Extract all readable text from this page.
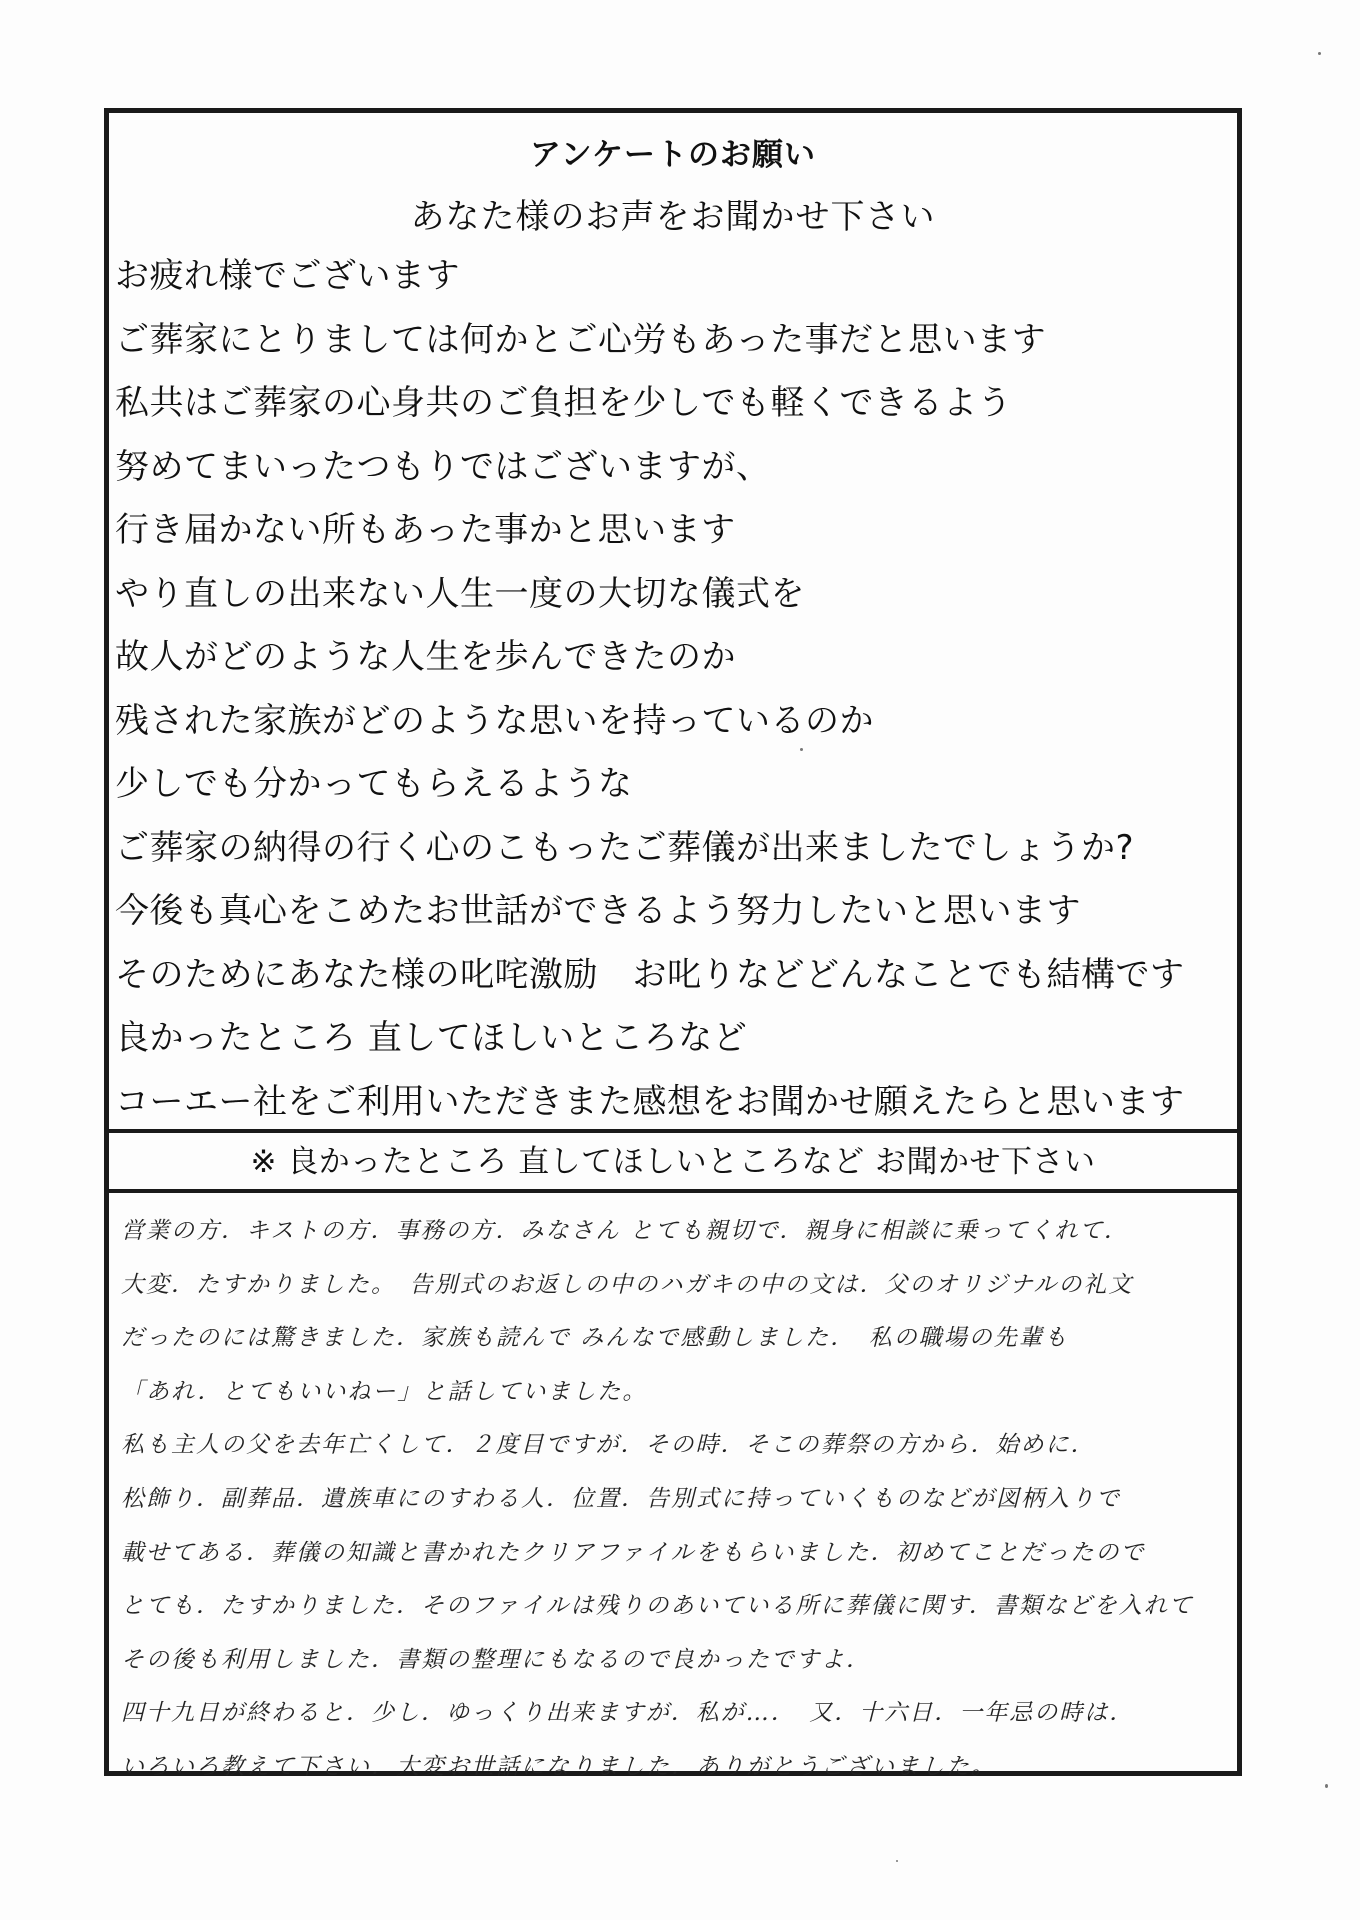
アンケートのお願い
あなた様のお声をお聞かせ下さい
お疲れ様でございます
ご葬家にとりましては何かとご心労もあった事だと思います
私共はご葬家の心身共のご負担を少しでも軽くできるよう
努めてまいったつもりではございますが、
行き届かない所もあった事かと思います
やり直しの出来ない人生一度の大切な儀式を
故人がどのような人生を歩んできたのか
残された家族がどのような思いを持っているのか
少しでも分かってもらえるような
ご葬家の納得の行く心のこもったご葬儀が出来ましたでしょうか?
今後も真心をこめたお世話ができるよう努力したいと思います
そのためにあなた様の叱咤激励　お叱りなどどんなことでも結構です
良かったところ 直してほしいところなど
コーエー社をご利用いただきまた感想をお聞かせ願えたらと思います
※ 良かったところ 直してほしいところなど お聞かせ下さい
営業の方．キストの方．事務の方．みなさん とても親切で．親身に相談に乗ってくれて．
大変．たすかりました。　告別式のお返しの中のハガキの中の文は．父のオリジナルの礼文
だったのには驚きました．家族も読んで みんなで感動しました．　私の職場の先輩も
「あれ．とてもいいねー」と話していました。
私も主人の父を去年亡くして．２度目ですが．その時．そこの葬祭の方から．始めに．
松飾り．副葬品．遺族車にのすわる人．位置．告別式に持っていくものなどが図柄入りで
載せてある．葬儀の知識と書かれたクリアファイルをもらいました．初めてことだったので
とても．たすかりました．そのファイルは残りのあいている所に葬儀に関す．書類などを入れて
その後も利用しました．書類の整理にもなるので良かったですよ．
四十九日が終わると．少し．ゆっくり出来ますが．私が…．　又．十六日．一年忌の時は．
いろいろ教えて下さい．大変お世話になりました．ありがとうございました。
